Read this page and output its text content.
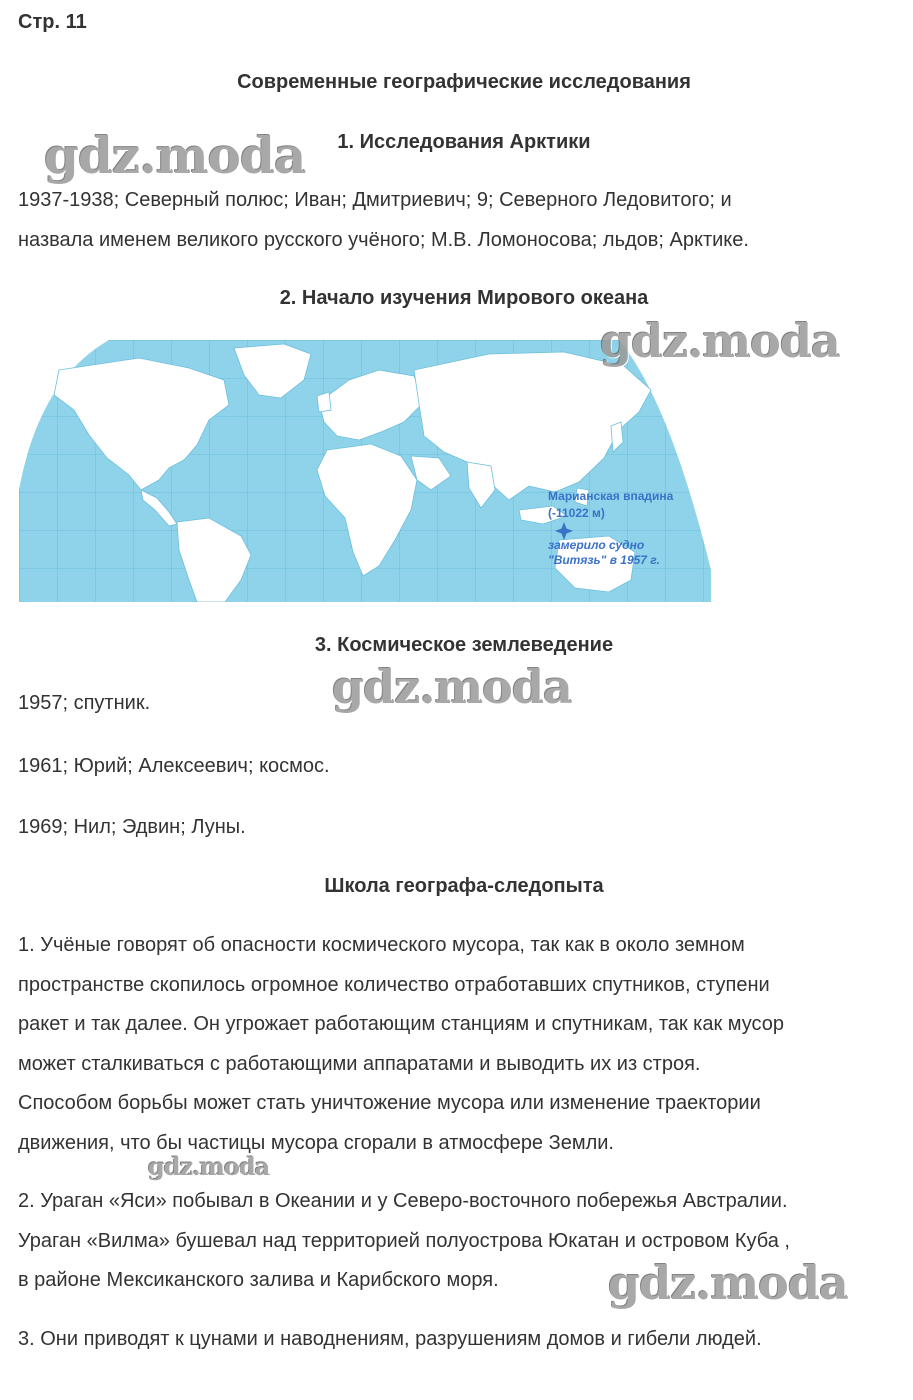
Стр. 11
Современные географические исследования
1. Исследования Арктики
1937-1938; Северный полюс; Иван; Дмитриевич; 9; Северного Ледовитого; и
назвала именем великого русского учёного; М.В. Ломоносова; льдов; Арктике.
2. Начало изучения Мирового океана
Марианская впадина
(-11022 м)
замерило судно
"Витязь" в 1957 г.
3. Космическое землеведение
1957; спутник.
1961; Юрий; Алексеевич; космос.
1969; Нил; Эдвин; Луны.
Школа географа-следопыта
1. Учёные говорят об опасности космического мусора, так как в около земном
пространстве скопилось огромное количество отработавших спутников, ступени
ракет и так далее. Он угрожает работающим станциям и спутникам, так как мусор
может сталкиваться с работающими аппаратами и выводить их из строя.
Способом борьбы может стать уничтожение мусора или изменение траектории
движения, что бы частицы мусора сгорали в атмосфере Земли.
2. Ураган «Яси» побывал в Океании и у Северо-восточного побережья Австралии.
Ураган «Вилма» бушевал над территорией полуострова Юкатан и островом Куба ,
в районе Мексиканского залива и Карибского моря.
3. Они приводят к цунами и наводнениям, разрушениям домов и гибели людей.
gdz.moda
gdz.moda
gdz.moda
gdz.moda
gdz.moda
